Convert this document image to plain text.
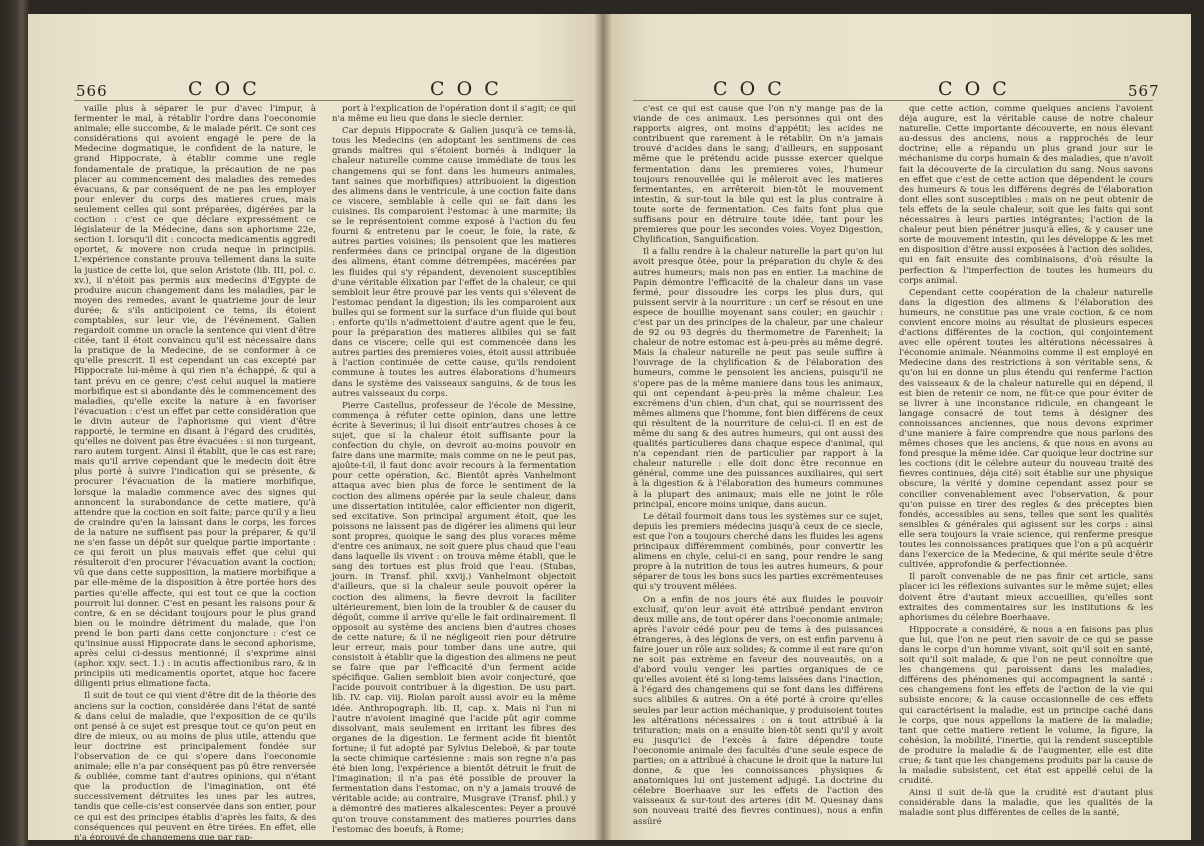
566	C O C	C O C

vaille plus à séparer le pur d'avec l'impur, à fermenter le mal, à rétablir l'ordre dans l'oeconomie animale; elle succombe, & le malade périt. Ce sont ces considérations qui avoient engagé le pere de la Medecine dogmatique, le confident de la nature, le grand Hippocrate, à établir comme une regle fondamentale de pratique, la précaution de ne pas placer au commencement des maladies des remedes évacuans, & par conséquent de ne pas les employer pour enlever du corps des matieres crues, mais seulement celles qui sont préparées, digérées par la coction : c'est ce que déclare expressément ce législateur de la Médecine, dans son aphorisme 22e, section I. lorsqu'il dit : concocta medicamentis aggredi oportet, & movere non cruda neque in principiis. L'expérience constante prouva tellement dans la suite la justice de cette loi, que selon Aristote (lib. III, pol. c. xv.), il n'étoit pas permis aux medecins d'Egypte de produire aucun changement dans les maladies, par le moyen des remedes, avant le quatrieme jour de leur durée; & s'ils anticipoient ce tems, ils étoient comptables, sur leur vie, de l'événement. Galien regardoit comme un oracle la sentence qui vient d'être citée, tant il étoit convaincu qu'il est nécessaire dans la pratique de la Medecine, de se conformer à ce qu'elle prescrit. Il est cependant un cas excepté par Hippocrate lui-même à qui rien n'a échappé, & qui a tant prévu en ce genre; c'est celui auquel la matiere morbifique est si abondante dès le commencement des maladies, qu'elle excite la nature à en favoriser l'évacuation : c'est un effet par cette considération que le divin auteur de l'aphorisme qui vient d'être rapporté, le termine en disant à l'égard des crudités, qu'elles ne doivent pas être évacuées : si non turgeant, raro autem turgent. Ainsi il établit, que le cas est rare; mais qu'il arrive cependant que le medecin doit être plus porté à suivre l'indication qui se présente, & procurer l'évacuation de la matiere morbifique, lorsque la maladie commence avec des signes qui annoncent la surabondance de cette matiere, qu'à attendre que la coction en soit faite; parce qu'il y a lieu de craindre qu'en la laissant dans le corps, les forces de la nature ne suffisent pas pour la préparer, & qu'il ne s'en fasse un dépôt sur quelque partie importante : ce qui feroit un plus mauvais effet que celui qui résulteroit d'en procurer l'évacuation avant la coction; vû que dans cette supposition, la matiere morbifique a par elle-même de la disposition à être portée hors des parties qu'elle affecte, qui est tout ce que la coction pourroit lui donner. C'est en pesant les raisons pour & contre, & en se décidant toujours pour le plus grand bien ou le moindre détriment du malade, que l'on prend le bon parti dans cette conjoncture : c'est ce qu'insinue aussi Hippocrate dans le second aphorisme, après celui ci-dessus mentionné; il s'exprime ainsi (aphor. xxjv. sect. 1.) : in acutis affectionibus raro, & in principiis uti medicamentis oportet, atque hoc facere diligenti prius elimatione facta.

Il suit de tout ce qui vient d'être dit de la théorie des anciens sur la coction, considérée dans l'état de santé & dans celui de maladie, que l'exposition de ce qu'ils ont pensé à ce sujet est presque tout ce qu'on peut en dire de mieux, ou au moins de plus utile, attendu que leur doctrine est principalement fondée sur l'observation de ce qui s'opere dans l'oeconomie animale; elle n'a par conséquent pas pû être renversée & oubliée, comme tant d'autres opinions, qui n'étant que la production de l'imagination, ont été successivement détruites les unes par les autres, tandis que celle-cis'est conservée dans son entier, pour ce qui est des principes établis d'après les faits, & des conséquences qui peuvent en être tirées. En effet, elle n'a éprouvé de changemens que par rap-

port à l'explication de l'opération dont il s'agit; ce qui n'a même eu lieu que dans le siecle dernier.

Car depuis Hippocrate & Galien jusqu'à ce tems-là, tous les Medecins (en adoptant les sentimens de ces grands maîtres qui s'étoient bornés à indiquer la chaleur naturelle comme cause immédiate de tous les changemens qui se font dans les humeurs animales, tant saines que morbifiques) attribuoient la digestion des alimens dans le ventricule, à une coction faite dans ce viscere, semblable à celle qui se fait dans les cuisines. Ils comparoient l'estomac à une marmite; ils se le représentoient comme exposé à l'action du feu fourni & entretenu par le coeur, le foie, la rate, & autres parties voisines; ils pensoient que les matieres renfermées dans ce principal organe de la digestion des alimens, étant comme détrempées, macérées par les fluides qui s'y répandent, devenoient susceptibles d'une véritable élixation par l'effet de la chaleur, ce qui sembloit leur être prouvé par les vents qui s'élevent de l'estomac pendant la digestion; ils les comparoient aux bulles qui se forment sur la surface d'un fluide qui bout : enforte qu'ils n'admettoient d'autre agent que le feu, pour la préparation des matieres alibiles qui se fait dans ce viscere; celle qui est commencée dans les autres parties des premieres voies, étoit aussi attribuée à l'action continuée de cette cause, qu'ils rendoient commune à toutes les autres élaborations d'humeurs dans le système des vaisseaux sanguins, & de tous les autres vaisseaux du corps.

Pierre Castellus, professeur de l'école de Messine, commença à réfuter cette opinion, dans une lettre écrite à Severinus; il lui disoit entr'autres choses à ce sujet, que si la chaleur étoit suffisante pour la confection du chyle, on devroit au-moins pouvoir en faire dans une marmite; mais comme on ne le peut pas, ajoûte-t-il, il faut donc avoir recours à la fermentation pour cette opération, &c. Bientôt après Vanhelmont attaqua avec bien plus de force le sentiment de la coction des alimens opérée par la seule chaleur, dans une dissertation intitulée, calor efficienter non digerit, sed excitative. Son principal argument étoit, que les poissons ne laissent pas de digérer les alimens qui leur sont propres, quoique le sang des plus voraces même d'entre ces animaux, ne soit guere plus chaud que l'eau dans laquelle ils vivent : on trouva même établi, que le sang des tortues est plus froid que l'eau. (Stubas, journ. in Transf. phil. xxvij.) Vanhelmont objectoit d'ailleurs, que si la chaleur seule pouvoit opérer la coction des alimens, la fievre devroit la faciliter ultérieurement, bien loin de la troubler & de causer du dégoût, comme il arrive qu'elle le fait ordinairement. Il opposoit au système des anciens bien d'autres choses de cette nature; & il ne négligeoit rien pour détruire leur erreur, mais pour tomber dans une autre, qui consistoit à établir que la digestion des alimens ne peut se faire que par l'efficacité d'un ferment acide spécifique. Galien sembloit bien avoir conjecturé, que l'acide pouvoit contribuer à la digestion. De usu part. lib. IV. cap. viij. Riolan paroît aussi avoir eu la même idée. Anthropograph. lib. II, cap. x. Mais ni l'un ni l'autre n'avoient imaginé que l'acide pût agir comme dissolvant, mais seulement en irritant les fibres des organes de la digestion. Le ferment acide fit bientôt fortune; il fut adopté par Sylvius Deleboë, & par toute la secte chimique cartésienne : mais son regne n'a pas été bien long, l'expérience a bientôt détruit le fruit de l'imagination; il n'a pas été possible de prouver la fermentation dans l'estomac, on n'y a jamais trouvé de véritable acide; au contraire, Musgrave (Transf. phil.) y a démontré des matieres alkalescentes: Peyer a prouvé qu'on trouve constamment des matieres pourries dans l'estomac des boeufs, à Rome;

C O C	C O C	567

c'est ce qui est cause que l'on n'y mange pas de la viande de ces animaux. Les personnes qui ont des rapports aigres, ont moins d'appétit; les acides ne contribuent que rarement à le rétablir. On n'a jamais trouvé d'acides dans le sang; d'ailleurs, en supposant même que le prétendu acide pussse exercer quelque fermentation dans les premieres voies, l'humeur toujours renouvellée qui le mêleroit avec les matieres fermentantes, en arrêteroit bien-tôt le mouvement intestin, & sur-tout la bile qui est la plus contraire à toute sorte de fermentation. Ces faits font plus que suffisans pour en détruire toute idée, tant pour les premieres que pour les secondes voies. Voyez Digestion, Chylification, Sanguification.

Il a fallu rendre à la chaleur naturelle la part qu'on lui avoit presque ôtée, pour la préparation du chyle & des autres humeurs; mais non pas en entier. La machine de Papin démontre l'efficacité de la chaleur dans un vase fermé, pour dissoudre les corps les plus durs, qui puissent servir à la nourriture : un cerf se résout en une espece de bouillie moyenant sans couler; en gauchir : c'est par un des principes de la chaleur, par une chaleur de 92 ou 93 degrés du thermometre de Farenheit; la chaleur de notre estomac est à-peu-près au même degré. Mais la chaleur naturelle ne peut pas seule suffire à l'ouvrage de la chylification & de l'élaboration des humeurs, comme le pensoient les anciens, puisqu'il ne s'opere pas de la même maniere dans tous les animaux, qui ont cependant à-peu-près la même chaleur. Les excrémens d'un chien, d'un chat, qui se nourrissent des mêmes alimens que l'homme, font bien différens de ceux qui résultent de la nourriture de celui-ci. Il en est de même du sang & des autres humeurs, qui ont aussi des qualités particulieres dans chaque espece d'animal, qui n'a cependant rien de particulier par rapport à la chaleur naturelle : elle doit donc être reconnue en général, comme une des puissances auxiliaires, qui sert à la digestion & à l'élaboration des humeurs communes à la plupart des animaux; mais elle ne joint le rôle principal, encore moins unique, dans aucun.

Le détail fourmoit dans tous les systèmes sur ce sujet, depuis les premiers médecins jusqu'à ceux de ce siecle, est que l'on a toujours cherché dans les fluides les agens principaux différemment combinés, pour convertir les alimens en chyle, celui-ci en sang, pour rendre le sang propre à la nutrition de tous les autres humeurs, & pour séparer de tous les bons sucs les parties excrémenteuses qui s'y trouvent mêlées.

On a enfin de nos jours été aux fluides le pouvoir exclusif, qu'on leur avoit été attribué pendant environ deux mille ans, de tout opérer dans l'oeconomie animale; après l'avoir cédé pour peu de tems à des puissances étrangeres, à des légions de vers, on est enfin parvenu à faire jouer un rôle aux solides; & comme il est rare qu'on ne soit pas extrème en faveur des nouveautés, on a d'abord voulu venger les parties organiques de ce qu'elles avoient été si long-tems laissées dans l'inaction, à l'égard des changemens qui se font dans les différens sucs alibiles & autres. On a été porté à croire qu'elles seules par leur action méchanique, y produisoient toutes les altérations nécessaires : on a tout attribué à la trituration; mais on a ensuite bien-tôt senti qu'il y avoit eu jusqu'ici de l'excès à faire dépendre toute l'oeconomie animale des facultés d'une seule espece de parties; on a attribué à chacune le droit que la nature lui donne, & que les connoissances physiques & anatomiques lui ont justement adjugé. La doctrine du célebre Boerhaave sur les effets de l'action des vaisseaux & sur-tout des arteres (dit M. Quesnay dans son nouveau traité des fievres continues), nous a enfin assûré

que cette action, comme quelques anciens l'avoient déja augure, est la véritable cause de notre chaleur naturelle. Cette importante découverte, en nous élevant au-dessus des anciens, nous a rapprochés de leur doctrine; elle a répandu un plus grand jour sur le méchanisme du corps humain & des maladies, que n'avoit fait la découverte de la circulation du sang. Nous savons en effet que c'est de cette action que dépendent le cours des humeurs & tous les différens degrés de l'élaboration dont elles sont susceptibles : mais on ne peut obtenir de tels effets de la seule chaleur, soit que les faits qui sont nécessaires à leurs parties intégrantes; l'action de la chaleur peut bien pénétrer jusqu'à elles, & y causer une sorte de mouvement intestin, qui les développe & les met en disposition d'être aussi exposées à l'action des solides, qui en fait ensuite des combinaisons, d'où résulte la perfection & l'imperfection de toutes les humeurs du corps animal.

Cependant cette coopération de la chaleur naturelle dans la digestion des alimens & l'élaboration des humeurs, ne constitue pas une vraie coction, & ce nom convient encore moins au résultat de plusieurs especes d'actions différentes de la coction, qui conjointement avec elle opérent toutes les altérations nécessaires à l'économie animale. Néanmoins comme il est employé en Medecine dans des restrictions à son véritable sens, & qu'on lui en donne un plus étendu qui renferme l'action des vaisseaux & de la chaleur naturelle qui en dépend, il est bien de retenir ce nom, ne fût-ce que pour éviter de se livrer à une inconstance ridicule, en changeant le langage consacré de tout tems à désigner des connoissances anciennes, que nous devons exprimer d'une maniere à faire comprendre que nous parlons des mêmes choses que les anciens, & que nous en avons au fond presque la même idée. Car quoique leur doctrine sur les coctions (dit le célebre auteur du nouveau traité des fievres continues, déja cité) soit établie sur une physique obscure, la vérité y domine cependant assez pour se concilier convenablement avec l'observation, & pour qu'on puisse en tirer des regles & des préceptes bien fondés, accessibles au sens, telles que sont les qualités sensibles & générales qui agissent sur les corps : ainsi elle sera toujours la vraie science, qui renferme presque toutes les connoissances pratiques que l'on a pû acquérir dans l'exercice de la Medecine, & qui mérite seule d'être cultivée, approfondie & perfectionnée.

Il paroît convenable de ne pas finir cet article, sans placer ici les réflexions suivantes sur le même sujet; elles doivent être d'autant mieux accueillies, qu'elles sont extraites des commentaires sur les institutions & les aphorismes du célebre Boerhaave.

Hippocrate a considéré, & nous a en faisons pas plus que lui, que l'on ne peut rien savoir de ce qui se passe dans le corps d'un homme vivant, soit qu'il soit en santé, soit qu'il soit malade, & que l'on ne peut connoître que les changemens qui paroissent dans les maladies, différens des phénomenes qui accompagnent la santé : ces changemens font les effets de l'action de la vie qui subsiste encore; & la cause occasionnelle de ces effets qui caractérisent la maladie, est un principe caché dans le corps, que nous appellons la matiere de la maladie; tant que cette matiere retient le volume, la figure, la cohésion, la mobilité, l'inertie, qui la rendent susceptible de produire la maladie & de l'augmenter, elle est dite crue; & tant que les changemens produits par la cause de la maladie subsistent, cet état est appellé celui de la crudité.

Ainsi il suit de-là que la crudité est d'autant plus considérable dans la maladie, que les qualités de la maladie sont plus différentes de celles de la santé,
